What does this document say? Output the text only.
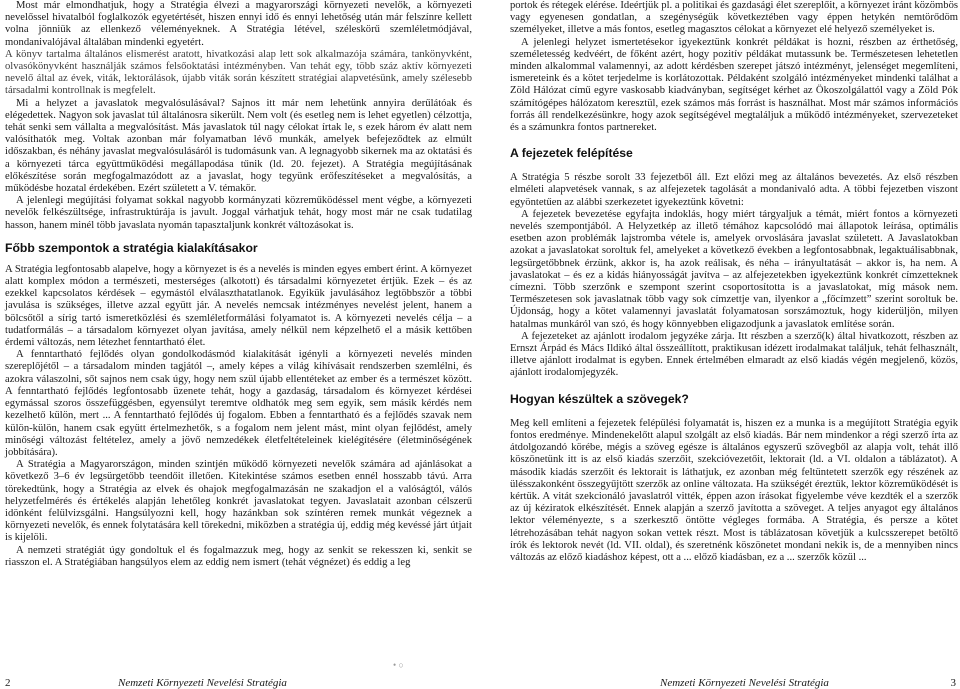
Most már elmondhatjuk, hogy a Stratégia élvezi a magyarországi környezeti nevelők, a környezeti nevelőssel hivatalból foglalkozók egyetértését, hiszen ennyi idő és ennyi lehetőség után már felszínre kellett volna jönniük az ellenkező véleményeknek. A Stratégia létével, széleskörű szemléletmódjával, mondanivalójával általában mindenki egyetért.

A könyv tartalma általános elismerést aratott, hivatkozási alap lett sok alkalmazója számára, tankönyvként, olvasókönyvként használják számos felsőoktatási intézményben. Van tehát egy, több száz aktív környezeti nevelő által az évek, viták, lektorálások, újabb viták során készített stratégiai alapvetésünk, amely szélesebb társadalmi kontrollnak is megfelelt.

Mi a helyzet a javaslatok megvalósulásával? Sajnos itt már nem lehetünk annyira derűlátóak és elégedettek. Nagyon sok javaslat túl általánosra sikerült. Nem volt (és esetleg nem is lehet egyetlen) célzottja, tehát senki sem vállalta a megvalósítást. Más javaslatok túl nagy célokat írtak le, s ezek három év alatt nem valósíthatók meg. Voltak azonban már folyamatban lévő munkák, amelyek befejeződtek az elmúlt időszakban, és néhány javaslat megvalósulásáról is tudomásunk van. A legnagyobb sikernek ma az oktatási és a környezeti tárca együttműködési megállapodása tűnik (ld. 20. fejezet). A Stratégia megújításának előkészítése során megfogalmazódott az a javaslat, hogy tegyünk erőfeszítéseket a megvalósítás, a működésbe hozatal érdekében. Ezért született a V. témakör.

A jelenlegi megújítási folyamat sokkal nagyobb kormányzati közreműködéssel ment végbe, a környezeti nevelők felkészültsége, infrastruktúrája is javult. Joggal várhatjuk tehát, hogy most már ne csak tudatilag hasson, hanem minél több javaslata nyomán tapasztaljunk konkrét változásokat is.

Főbb szempontok a stratégia kialakításakor

A Stratégia legfontosabb alapelve, hogy a környezet is és a nevelés is minden egyes embert érint. A környezet alatt komplex módon a természeti, mesterséges (alkotott) és társadalmi környezetet értjük. Ezek – és az ezekkel kapcsolatos kérdések – egymástól elválaszthatatlanok. Egyikük javulásához legtöbbször a többi javulása is szükséges, illetve azzal együtt jár. A nevelés nemcsak intézményes nevelést jelent, hanem a bölcsőtől a sírig tartó ismeretközlési és szemléletformálási folyamatot is. A környezeti nevelés célja – a tudatformálás – a társadalom környezet olyan javítása, amely nélkül nem képzelhető el a másik kettőben érdemi változás, nem létezhet fenntartható élet.

A fenntartható fejlődés olyan gondolkodásmód kialakítását igényli a környezeti nevelés minden szereplőjétől – a társadalom minden tagjától –, amely képes a világ kihívásait rendszerben szemlélni, és azokra válaszolni, sőt sajnos nem csak úgy, hogy nem szül újabb ellentéteket az ember és a természet között. A fenntartható fejlődés legfontosabb üzenete tehát, hogy a gazdaság, társadalom és környezet kérdései egymással szoros összefüggésben, egyensúlyt teremtve oldhatók meg sem egyik, sem másik kérdés nem kezelhető külön, mert ... A fenntartható fejlődés új fogalom. Ebben a fenntartható és a fejlődés szavak nem külön-külön, hanem csak együtt értelmezhetők, s a fogalom nem jelent mást, mint olyan fejlődést, amely minőségi változást feltételez, amely a jövő nemzedékek életfeltételeinek kielégítésére (életminőségének jobbítására).

A Stratégia a Magyarországon, minden szintjén működő környezeti nevelők számára ad ajánlásokat a következő 3–6 év legsürgetőbb teendőit illetően. Kitekintése számos esetben ennél hosszabb távú. Arra törekedtünk, hogy a Stratégia az elvek és ohajok megfogalmazásán ne szakadjon el a valóságtól, válós helyzetfelmérés és értékelés alapján lehetőleg konkrét javaslatokat tegyen. Javaslatait azonban célszerű idönként felülvizsgálni. Hangsúlyozni kell, hogy hazánkban sok színtéren remek munkát végeznek a környezeti nevelők, és ennek folytatására kell törekedni, miközben a stratégia új, eddig még kevéssé járt útjait is kijelöli.

A nemzeti stratégiát úgy gondoltuk el és fogalmazzuk meg, hogy az senkit se rekesszen ki, senkit se riasszon el. A Stratégiában hangsúlyos elem az eddig nem ismert (tehát végnézet) és eddig a leg

portok és rétegek elérése. Ideértjük pl. a politikai és gazdasági élet szereplőit, a környezet iránt közömbös vagy egyenesen gondatlan, a szegénységük következtében vagy éppen hetykén nemtörődöm személyeket, illetve a más fontos, esetleg magasztos célokat a környezet elé helyező személyeket is.

A jelenlegi helyzet ismertetésekor igyekeztünk konkrét példákat is hozni, részben az érthetőség, személetesség kedvéért, de főként azért, hogy pozitív példákat mutassunk be. Természetesen lehetetlen minden alkalommal valamennyi, az adott kérdésben szerepet játszó intézményt, jelenséget megemlíteni, ismereteink és a kötet terjedelme is korlátozottak. Példaként szolgáló intézményeket mindenki találhat a Zöld Hálózat című egyre vaskosabb kiadványban, segítséget kérhet az Ökoszolgálattól vagy a Zöld Pók számítógépes hálózatom keresztül, ezek számos más forrást is használhat. Most már számos információs forrás áll rendelkezésünkre, hogy azok segítségével megtaláljuk a működő intézményeket, szervezeteket és a számunkra fontos partnereket.

A fejezetek felépítése

A Stratégia 5 részbe sorolt 33 fejezetből áll. Ezt előzi meg az általános bevezetés. Az első részben elméleti alapvetések vannak, s az alfejezetek tagolását a mondanivaló adta. A többi fejezetben viszont egyöntetűen az alábbi szerkezetet igyekeztünk követni:

A fejezetek bevezetése egyfajta indoklás, hogy miért tárgyaljuk a témát, miért fontos a környezeti nevelés szempontjából. A Helyzetkép az illető témához kapcsolódó mai állapotok leírása, optimális esetben azon problémák lajstromba vétele is, amelyek orvoslására javaslat született. A Javaslatokban azokat a javaslatokat soroltuk fel, amelyeket a következő években a legfontosabbnak, legaktuálisabbnak, legsürgetőbbnek érzünk, akkor is, ha azok reálisak, és néha – irányultatását – akkor is, ha nem. A javaslatokat – és ez a kidás hiányosságát javítva – az alfejezetekben igyekeztünk konkrét címzetteknek címezni. Több szerzőnk e szempont szerint csoportosította is a javaslatokat, míg mások nem. Természetesen sok javaslatnak több vagy sok címzettje van, ilyenkor a „főcímzett” szerint soroltuk be. Újdonság, hogy a kötet valamennyi javaslatát folyamatosan sorszámoztuk, hogy kiderüljön, milyen hatalmas munkáról van szó, és hogy könnyebben eligazodjunk a javaslatok említése során.

A fejezeteket az ajánlott irodalom jegyzéke zárja. Itt részben a szerző(k) által hivatkozott, részben az Ernszt Árpád és Mács Ildikó által összeállított, praktikusan idézett irodalmakat találjuk, tehát felhasznált, illetve ajánlott irodalmat is egyben. Ennek értelmében elmaradt az első kiadás végén megjelenő, közös, ajánlott irodalomjegyzék.

Hogyan készültek a szövegek?

Meg kell említeni a fejezetek felépülési folyamatát is, hiszen ez a munka is a megújított Stratégia egyik fontos eredménye. Mindenekelőtt alapul szolgált az első kiadás. Bár nem mindenkor a régi szerző írta az átdolgozandó körébe, mégis a szöveg egésze is általános egyszerű szövegből az alapja volt, tehát illő köszönetünk itt is az első kiadás szerzőit, szekcióvezetőit, lektorait (ld. a VI. oldalon a táblázatot). A második kiadás szerzőit és lektorait is láthatjuk, ez azonban még feltüntetett szerzők egy részének az ülésszakonként összegyűjtött szerzők az online változata. Ha szükségét éreztük, lektor közreműködését is kértük. A vitát szekcionáló javaslatról vitték, éppen azon írásokat figyelembe véve kezdték el a szerzők az új kéziratok elkészítését. Ennek alapján a szerző javította a szöveget. A teljes anyagot egy általános lektor véleményezte, s a szerkesztő öntötte végleges formába. A Stratégia, és persze a kötet létrehozásában tehát nagyon sokan vettek részt. Most is táblázatosan követjük a kulcsszerepet betöltő írók és lektorok nevét (ld. VII. oldal), és szeretnénk köszönetet mondani nekik is, de a mennyiben nincs változás az előző kiadáshoz képest, ott a ... előző kiadásban, ez a ... szerzők közül ...

2	Nemzeti Környezeti Nevelési Stratégia
• ○
Nemzeti Környezeti Nevelési Stratégia	3
